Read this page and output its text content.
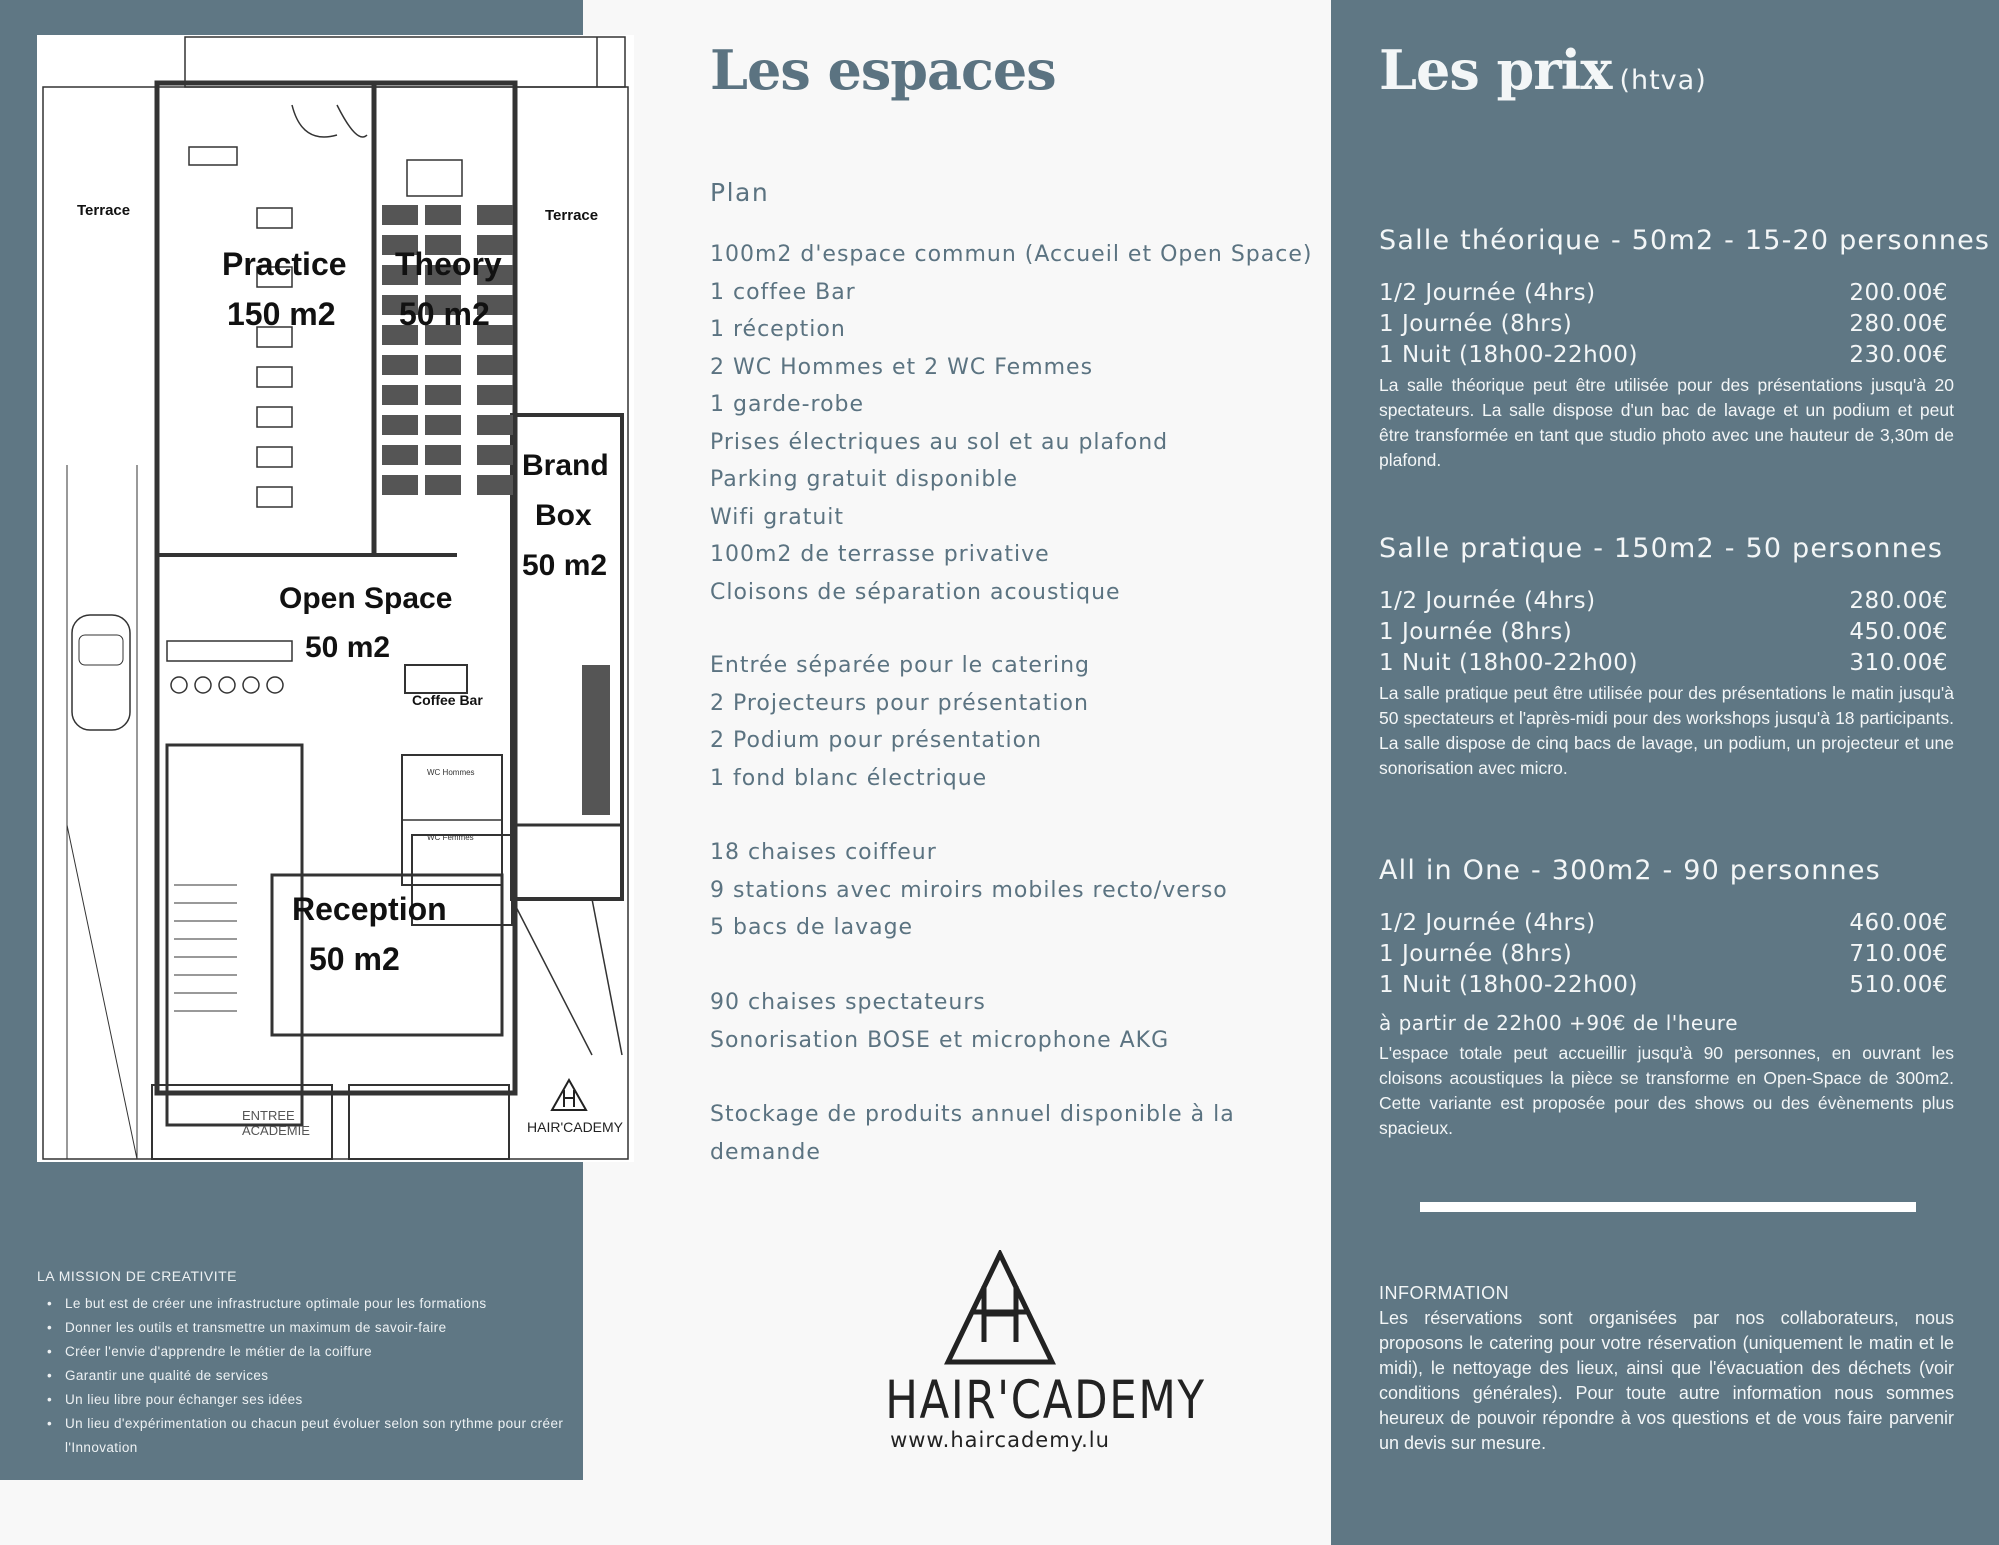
Terrace	Terrace
Practice
150 m2
Theory
50 m2
Brand
Box
50 m2
Open Space
50 m2
Coffee Bar
Reception
50 m2
WC Hommes
WC Femmes
ENTREE
ACADEMIE	HAIR'CADEMY
LA MISSION DE CREATIVITE
• Le but est de créer une infrastructure optimale pour les formations
• Donner les outils et transmettre un maximum de savoir-faire
• Créer l'envie d'apprendre le métier de la coiffure
• Garantir une qualité de services
• Un lieu libre pour échanger ses idées
• Un lieu d'expérimentation ou chacun peut évoluer selon son rythme pour créer l'Innovation
Les espaces
Plan
100m2 d'espace commun (Accueil et Open Space)
1 coffee Bar
1 réception
2 WC Hommes et 2 WC Femmes
1 garde-robe
Prises électriques au sol et au plafond
Parking gratuit disponible
Wifi gratuit
100m2 de terrasse privative
Cloisons de séparation acoustique
Entrée séparée pour le catering
2 Projecteurs pour présentation
2 Podium pour présentation
1 fond blanc électrique
18 chaises coiffeur
9 stations avec miroirs mobiles recto/verso
5 bacs de lavage
90 chaises spectateurs
Sonorisation BOSE et microphone AKG
Stockage de produits annuel disponible à la demande
HAIR'CADEMY
www.haircademy.lu
Les prix (htva)
Salle théorique - 50m2 - 15-20 personnes
1/2 Journée (4hrs)	200.00€
1 Journée (8hrs)	280.00€
1 Nuit (18h00-22h00)	230.00€
La salle théorique peut être utilisée pour des présentations jusqu'à 20 spectateurs. La salle dispose d'un bac de lavage et un podium et peut être transformée en tant que studio photo avec une hauteur de 3,30m de plafond.
Salle pratique - 150m2 - 50 personnes
1/2 Journée (4hrs)	280.00€
1 Journée (8hrs)	450.00€
1 Nuit (18h00-22h00)	310.00€
La salle pratique peut être utilisée pour des présentations le matin jusqu'à 50 spectateurs et l'après-midi pour des workshops jusqu'à 18 participants. La salle dispose de cinq bacs de lavage, un podium, un projecteur et une sonorisation avec micro.
All in One - 300m2 - 90 personnes
1/2 Journée (4hrs)	460.00€
1 Journée (8hrs)	710.00€
1 Nuit (18h00-22h00)	510.00€
à partir de 22h00 +90€ de l'heure
L'espace totale peut accueillir jusqu'à 90 personnes, en ouvrant les cloisons acoustiques la pièce se transforme en Open-Space de 300m2. Cette variante est proposée pour des shows ou des évènements plus spacieux.
INFORMATION
Les réservations sont organisées par nos collaborateurs, nous proposons le catering pour votre réservation (uniquement le matin et le midi), le nettoyage des lieux, ainsi que l'évacuation des déchets (voir conditions générales). Pour toute autre information nous sommes heureux de pouvoir répondre à vos questions et de vous faire parvenir un devis sur mesure.
